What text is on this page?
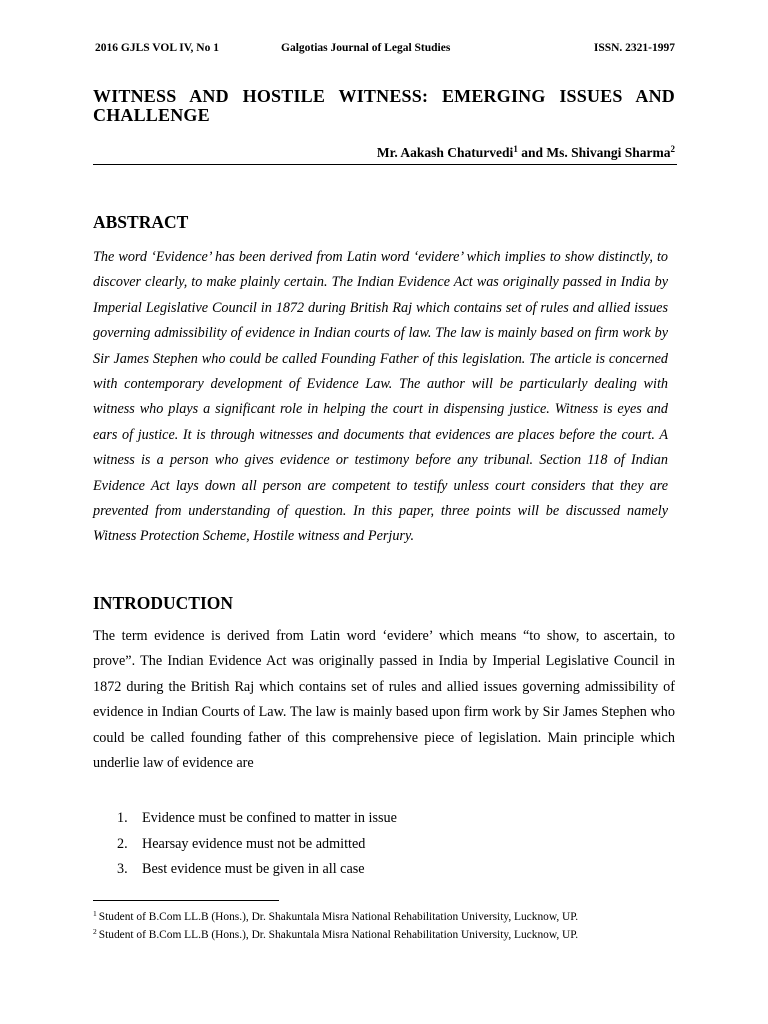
2016 GJLS VOL IV, No 1	Galgotias Journal of Legal Studies	ISSN. 2321-1997
WITNESS AND HOSTILE WITNESS: EMERGING ISSUES AND CHALLENGE
Mr. Aakash Chaturvedi$^1$ and Ms. Shivangi Sharma$^2$
ABSTRACT

The word ‘Evidence’ has been derived from Latin word ‘evidere’ which implies to show distinctly, to discover clearly, to make plainly certain. The Indian Evidence Act was originally passed in India by Imperial Legislative Council in 1872 during British Raj which contains set of rules and allied issues governing admissibility of evidence in Indian courts of law. The law is mainly based on firm work by Sir James Stephen who could be called Founding Father of this legislation. The article is concerned with contemporary development of Evidence Law. The author will be particularly dealing with witness who plays a significant role in helping the court in dispensing justice. Witness is eyes and ears of justice. It is through witnesses and documents that evidences are places before the court. A witness is a person who gives evidence or testimony before any tribunal. Section 118 of Indian Evidence Act lays down all person are competent to testify unless court considers that they are prevented from understanding of question. In this paper, three points will be discussed namely Witness Protection Scheme, Hostile witness and Perjury.

INTRODUCTION

The term evidence is derived from Latin word ‘evidere’ which means “to show, to ascertain, to prove”. The Indian Evidence Act was originally passed in India by Imperial Legislative Council in 1872 during the British Raj which contains set of rules and allied issues governing admissibility of evidence in Indian Courts of Law. The law is mainly based upon firm work by Sir James Stephen who could be called founding father of this comprehensive piece of legislation. Main principle which underlie law of evidence are

1. Evidence must be confined to matter in issue
2. Hearsay evidence must not be admitted
3. Best evidence must be given in all case
$^1$ Student of B.Com LL.B (Hons.), Dr. Shakuntala Misra National Rehabilitation University, Lucknow, UP.
$^2$ Student of B.Com LL.B (Hons.), Dr. Shakuntala Misra National Rehabilitation University, Lucknow, UP.
